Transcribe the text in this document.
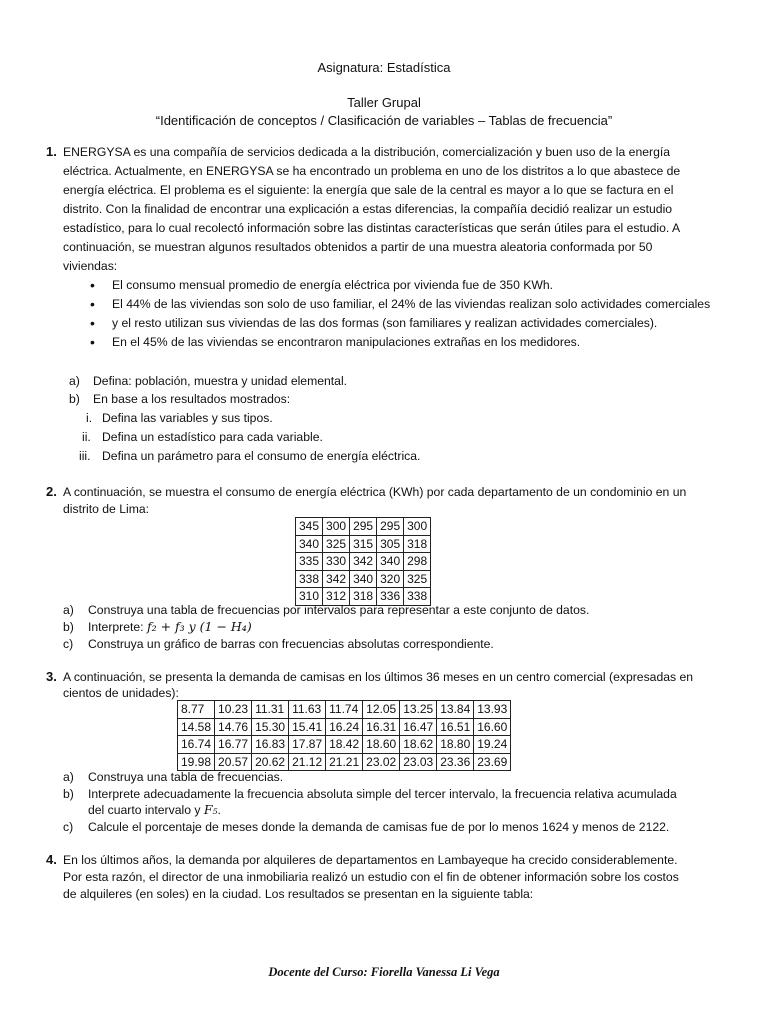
Asignatura: Estadística
Taller Grupal
“Identificación de conceptos / Clasificación de variables – Tablas de frecuencia”
1. ENERGYSA es una compañía de servicios dedicada a la distribución, comercialización y buen uso de la energía
eléctrica. Actualmente, en ENERGYSA se ha encontrado un problema en uno de los distritos a lo que abastece de
energía eléctrica. El problema es el siguiente: la energía que sale de la central es mayor a lo que se factura en el
distrito. Con la finalidad de encontrar una explicación a estas diferencias, la compañía decidió realizar un estudio
estadístico, para lo cual recolectó información sobre las distintas características que serán útiles para el estudio. A
continuación, se muestran algunos resultados obtenidos a partir de una muestra aleatoria conformada por 50
viviendas:
• El consumo mensual promedio de energía eléctrica por vivienda fue de 350 KWh.
• El 44% de las viviendas son solo de uso familiar, el 24% de las viviendas realizan solo actividades comerciales
• y el resto utilizan sus viviendas de las dos formas (son familiares y realizan actividades comerciales).
• En el 45% de las viviendas se encontraron manipulaciones extrañas en los medidores.
a) Defina: población, muestra y unidad elemental.
b) En base a los resultados mostrados:
i. Defina las variables y sus tipos.
ii. Defina un estadístico para cada variable.
iii. Defina un parámetro para el consumo de energía eléctrica.
2. A continuación, se muestra el consumo de energía eléctrica (KWh) por cada departamento de un condominio en un
distrito de Lima:
345	300	295	295	300
340	325	315	305	318
335	330	342	340	298
338	342	340	320	325
310	312	318	336	338
a) Construya una tabla de frecuencias por intervalos para representar a este conjunto de datos.
b) Interprete: f₂ + f₃ y (1 − H₄)
c) Construya un gráfico de barras con frecuencias absolutas correspondiente.
3. A continuación, se presenta la demanda de camisas en los últimos 36 meses en un centro comercial (expresadas en
cientos de unidades):
8.77	10.23	11.31	11.63	11.74	12.05	13.25	13.84	13.93
14.58	14.76	15.30	15.41	16.24	16.31	16.47	16.51	16.60
16.74	16.77	16.83	17.87	18.42	18.60	18.62	18.80	19.24
19.98	20.57	20.62	21.12	21.21	23.02	23.03	23.36	23.69
a) Construya una tabla de frecuencias.
b) Interprete adecuadamente la frecuencia absoluta simple del tercer intervalo, la frecuencia relativa acumulada
del cuarto intervalo y F₅.
c) Calcule el porcentaje de meses donde la demanda de camisas fue de por lo menos 1624 y menos de 2122.
4. En los últimos años, la demanda por alquileres de departamentos en Lambayeque ha crecido considerablemente.
Por esta razón, el director de una inmobiliaria realizó un estudio con el fin de obtener información sobre los costos
de alquileres (en soles) en la ciudad. Los resultados se presentan en la siguiente tabla:
Docente del Curso: Fiorella Vanessa Li Vega
